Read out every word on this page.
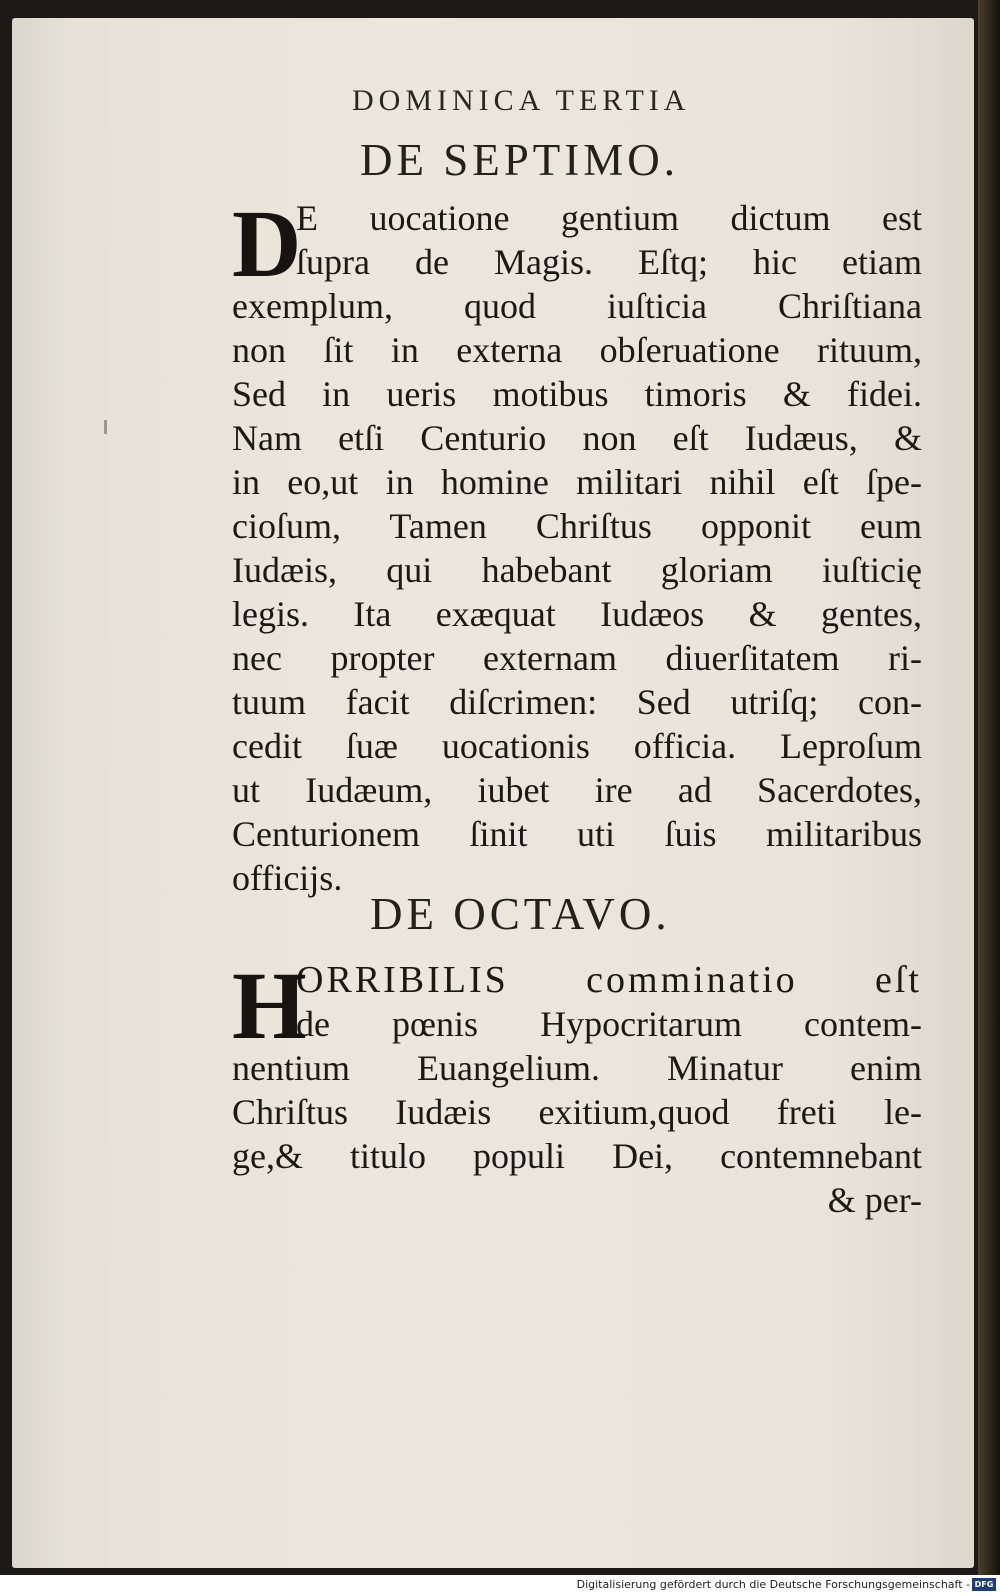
DOMINICA TERTIA
DE SEPTIMO.
D
E uocatione gentium dictum est
ſupra de Magis. Eſtq; hic etiam
exemplum, quod iuſticia Chriſtiana
non ſit in externa obſeruatione rituum,
Sed in ueris motibus timoris & fidei.
Nam etſi Centurio non eſt Iudæus, &
in eo,ut in homine militari nihil eſt ſpe-
cioſum, Tamen Chriſtus opponit eum
Iudæis, qui habebant gloriam iuſticię
legis. Ita exæquat Iudæos & gentes,
nec propter externam diuerſitatem ri-
tuum facit diſcrimen: Sed utriſq; con-
cedit ſuæ uocationis officia. Leproſum
ut Iudæum, iubet ire ad Sacerdotes,
Centurionem ſinit uti ſuis militaribus
officijs.
DE OCTAVO.
H
ORRIBILIS comminatio eſt
de pœnis Hypocritarum contem-
nentium Euangelium. Minatur enim
Chriſtus Iudæis exitium,quod freti le-
ge,& titulo populi Dei, contemnebant
& per-
Digitalisierung gefördert durch die Deutsche Forschungsgemeinschaft - DFG
